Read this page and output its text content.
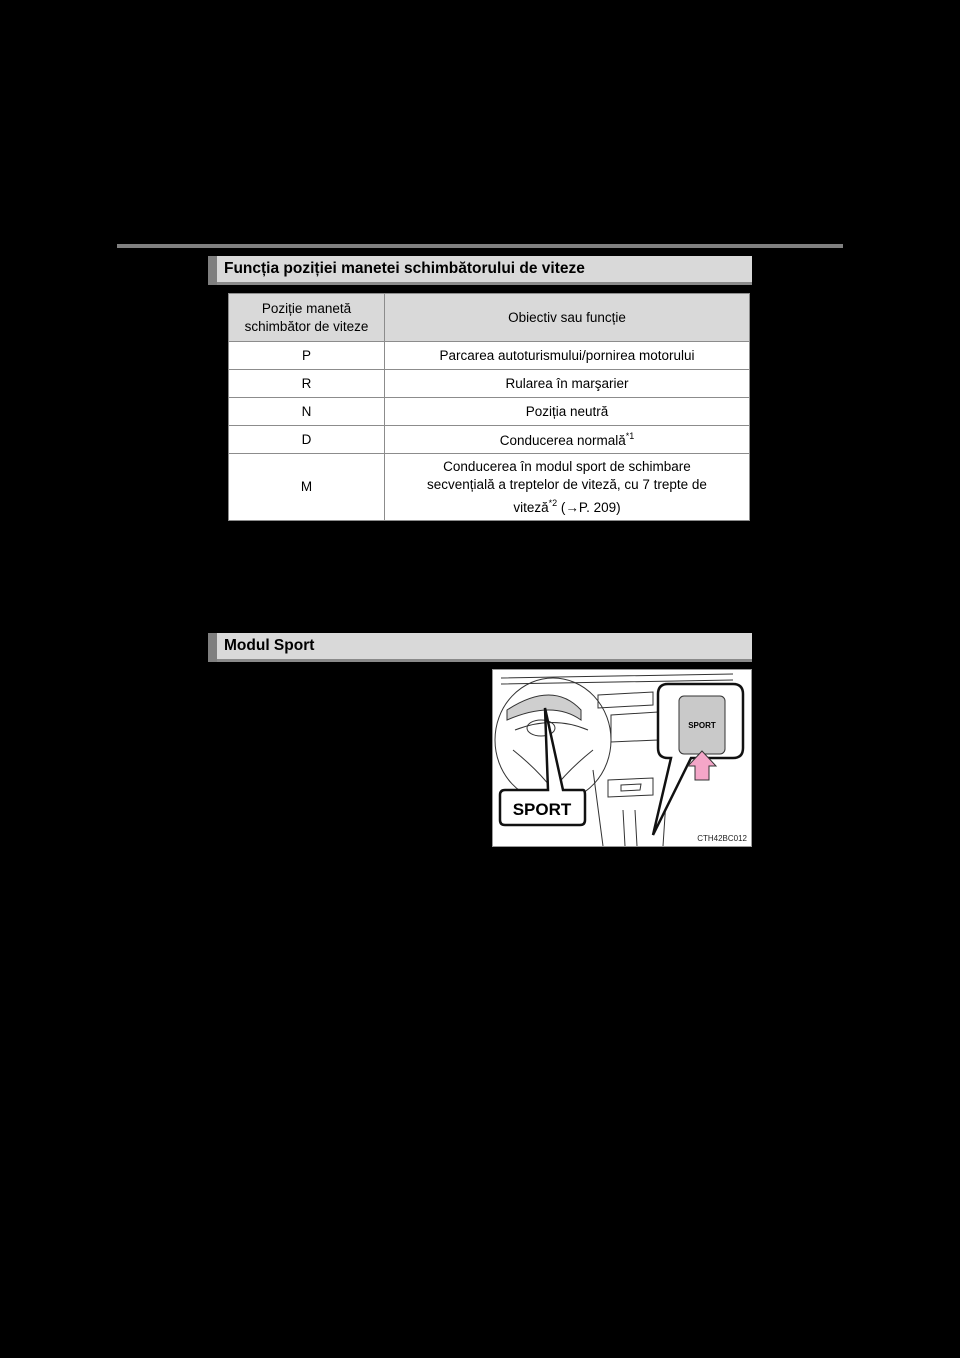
Funcția poziției manetei schimbătorului de viteze
Poziție manetă
schimbător de viteze	Obiectiv sau funcție
P	Parcarea autoturismului/pornirea motorului
R	Rularea în marşarier
N	Poziția neutră
D	Conducerea normală$^{*1}$
M	Conducerea în modul sport de schimbare
secvențială a treptelor de viteză, cu 7 trepte de
viteză$^{*2}$ (→P. 209)
Modul Sport
SPORT
SPORT
CTH42BC012
